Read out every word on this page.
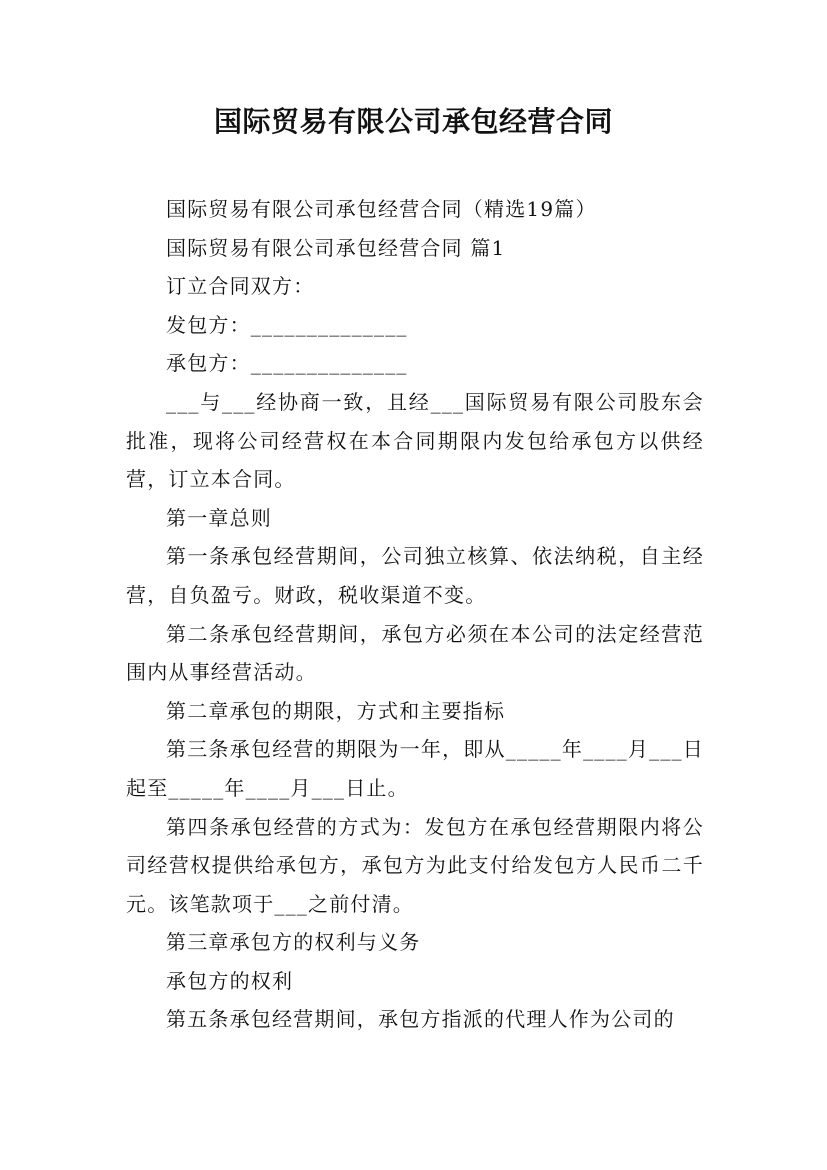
国际贸易有限公司承包经营合同

国际贸易有限公司承包经营合同（精选19篇）

国际贸易有限公司承包经营合同 篇1

订立合同双方：

发包方：______________

承包方：______________

___与___经协商一致，且经___国际贸易有限公司股东会批准，现将公司经营权在本合同期限内发包给承包方以供经营，订立本合同。

第一章总则

第一条承包经营期间，公司独立核算、依法纳税，自主经营，自负盈亏。财政，税收渠道不变。

第二条承包经营期间，承包方必须在本公司的法定经营范围内从事经营活动。

第二章承包的期限，方式和主要指标

第三条承包经营的期限为一年，即从_____年____月___日起至_____年____月___日止。

第四条承包经营的方式为：发包方在承包经营期限内将公司经营权提供给承包方，承包方为此支付给发包方人民币二千元。该笔款项于___之前付清。

第三章承包方的权利与义务

承包方的权利

第五条承包经营期间，承包方指派的代理人作为公司的
